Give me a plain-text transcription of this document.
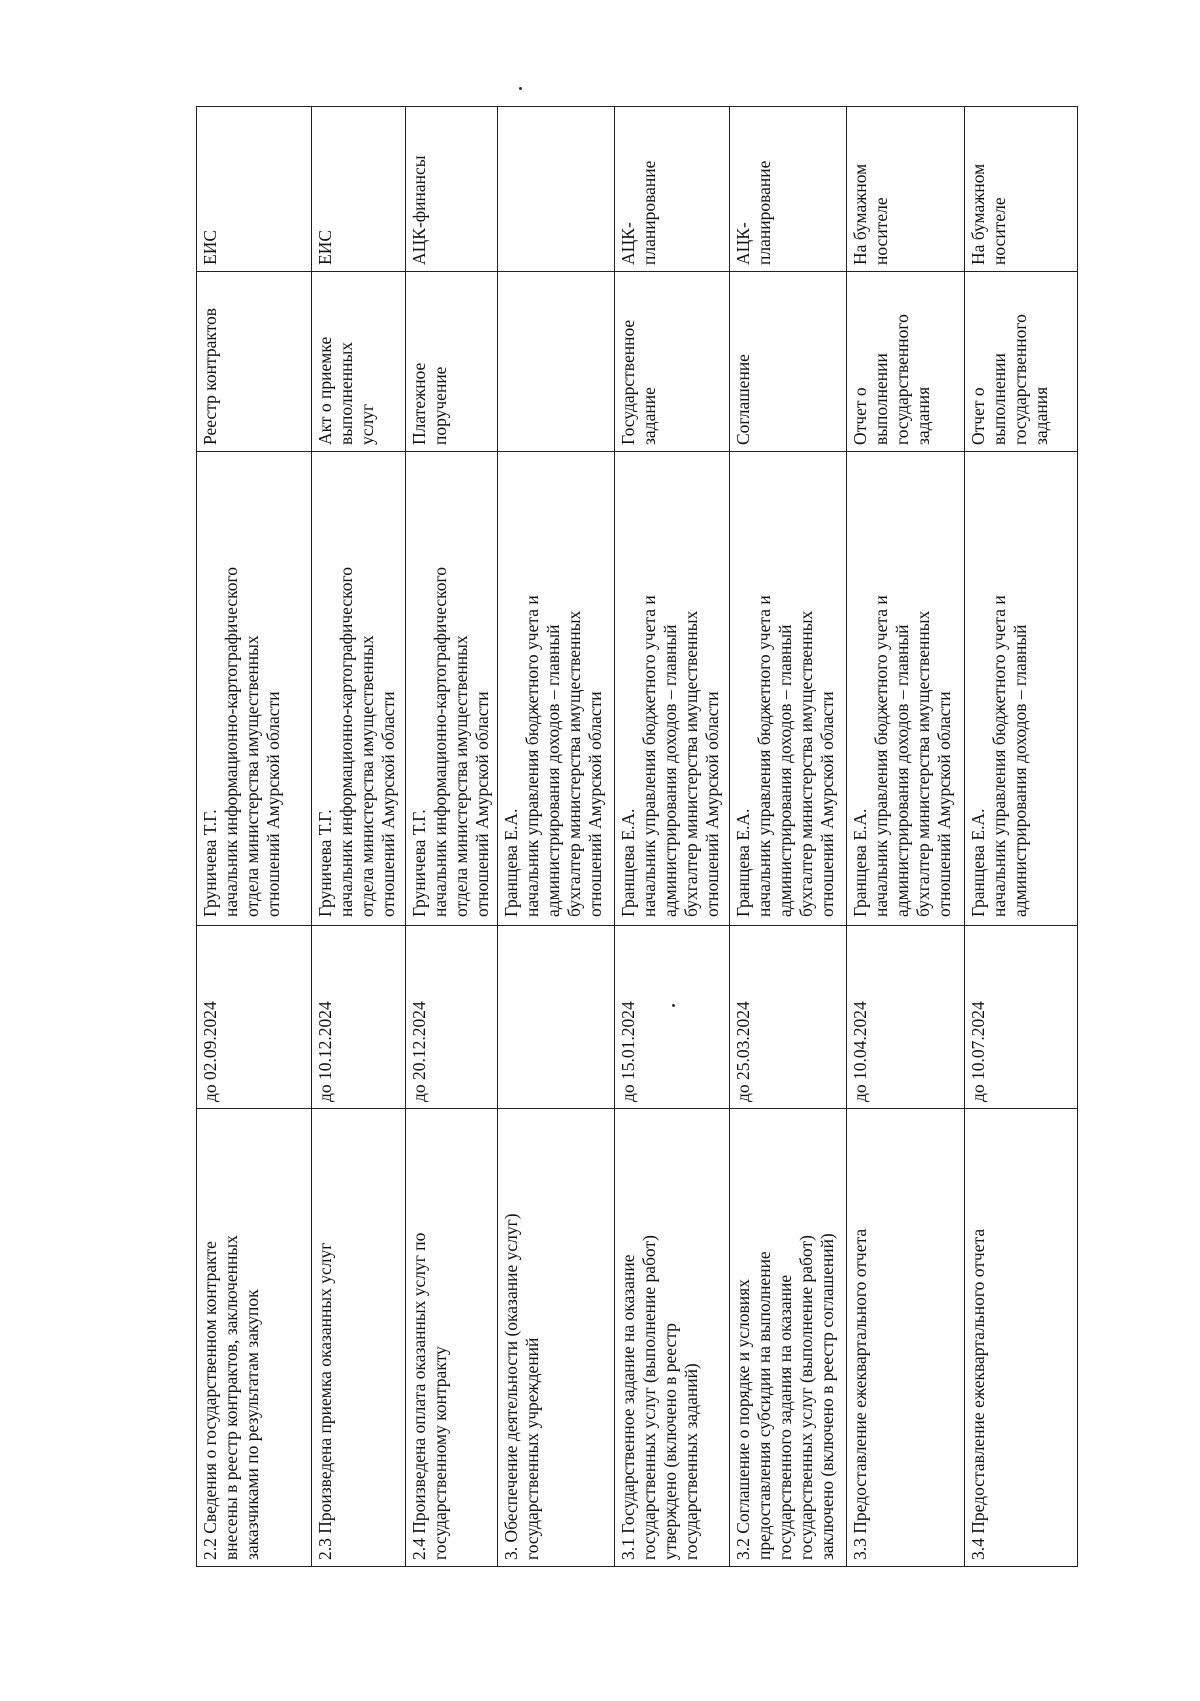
2.2 Сведения о государственном контракте
внесены в реестр контрактов, заключенных
заказчиками по результатам закупок	до 02.09.2024	Груничева Т.Г.
начальник информационно-картографического
отдела министерства имущественных
отношений Амурской области	Реестр контрактов	ЕИС

2.3 Произведена приемка оказанных услуг	до 10.12.2024	Груничева Т.Г.
начальник информационно-картографического
отдела министерства имущественных
отношений Амурской области	Акт о приемке
выполненных
услуг	ЕИС

2.4 Произведена оплата оказанных услуг по
государственному контракту	до 20.12.2024	Груничева Т.Г.
начальник информационно-картографического
отдела министерства имущественных
отношений Амурской области	Платежное
поручение	АЦК-финансы

3. Обеспечение деятельности (оказание услуг)
государственных учреждений		Гранщева Е.А.
начальник управления бюджетного учета и
администрирования доходов – главный
бухгалтер министерства имущественных
отношений Амурской области		

3.1 Государственное задание на оказание
государственных услуг (выполнение работ)
утверждено (включено в реестр
государственных заданий)	до 15.01.2024	Гранщева Е.А.
начальник управления бюджетного учета и
администрирования доходов – главный
бухгалтер министерства имущественных
отношений Амурской области	Государственное
задание	АЦК-
планирование

3.2 Соглашение о порядке и условиях
предоставления субсидии на выполнение
государственного задания на оказание
государственных услуг (выполнение работ)
заключено (включено в реестр соглашений)	до 25.03.2024	Гранщева Е.А.
начальник управления бюджетного учета и
администрирования доходов – главный
бухгалтер министерства имущественных
отношений Амурской области	Соглашение	АЦК-
планирование

3.3 Предоставление ежеквартального отчета	до 10.04.2024	Гранщева Е.А.
начальник управления бюджетного учета и
администрирования доходов – главный
бухгалтер министерства имущественных
отношений Амурской области	Отчет о
выполнении
государственного
задания	На бумажном
носителе

3.4 Предоставление ежеквартального отчета	до 10.07.2024	Гранщева Е.А.
начальник управления бюджетного учета и
администрирования доходов – главный	Отчет о
выполнении
государственного
задания	На бумажном
носителе
